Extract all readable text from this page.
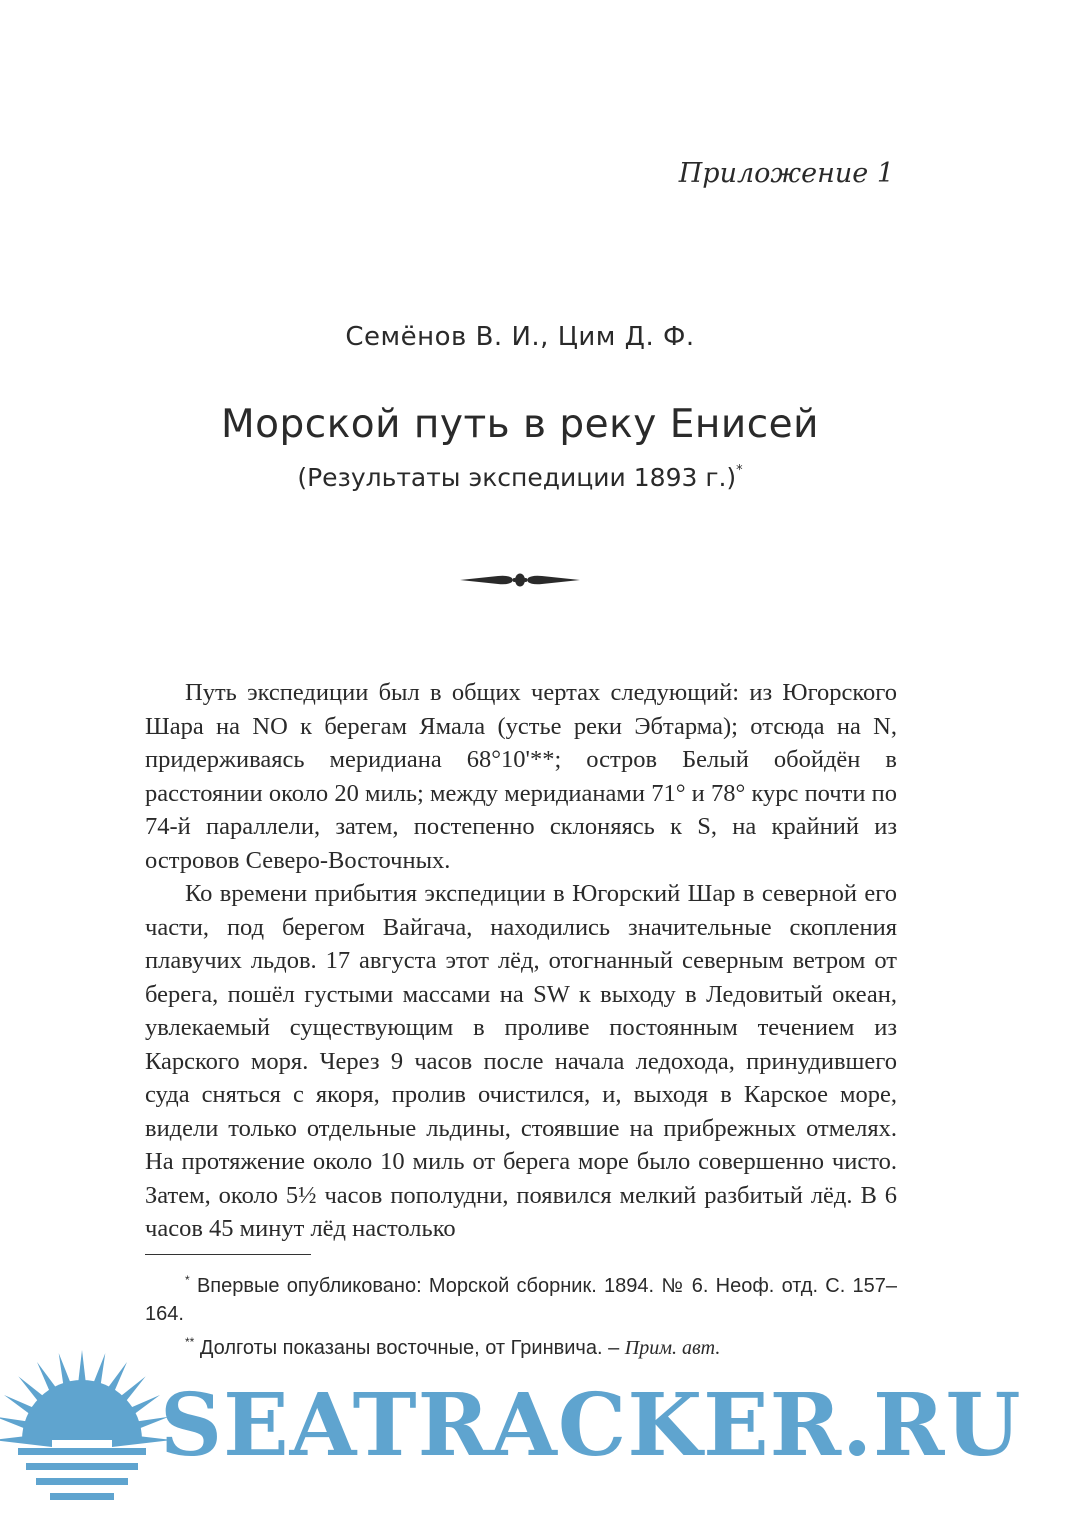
Приложение 1
Семёнов В. И., Цим Д. Ф.
Морской путь в реку Енисей
(Результаты экспедиции 1893 г.)*

Путь экспедиции был в общих чертах следующий: из Югорского Шара на NO к берегам Ямала (устье реки Эбтарма); отсюда на N, придерживаясь меридиана 68°10'**; остров Белый обойдён в расстоянии около 20 миль; между меридианами 71° и 78° курс почти по 74-й параллели, затем, постепенно склоняясь к S, на крайний из островов Северо-Восточных.

Ко времени прибытия экспедиции в Югорский Шар в северной его части, под берегом Вайгача, находились значительные скопления плавучих льдов. 17 августа этот лёд, отогнанный северным ветром от берега, пошёл густыми массами на SW к выходу в Ледовитый океан, увлекаемый существующим в проливе постоянным течением из Карского моря. Через 9 часов после начала ледохода, принудившего суда сняться с якоря, пролив очистился, и, выходя в Карское море, видели только отдельные льдины, стоявшие на прибрежных отмелях. На протяжение около 10 миль от берега море было совершенно чисто. Затем, около 5½ часов пополудни, появился мелкий разбитый лёд. В 6 часов 45 минут лёд настолько

* Впервые опубликовано: Морской сборник. 1894. № 6. Неоф. отд. С. 157–164.

** Долготы показаны восточные, от Гринвича. – Прим. авт.

SEATRACKER.RU
